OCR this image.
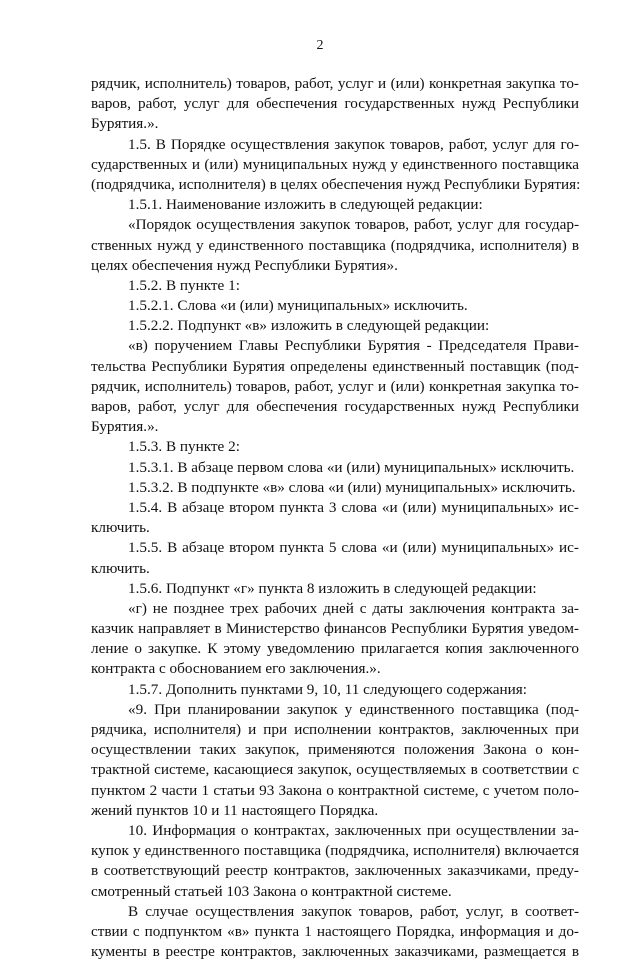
2
рядчик, исполнитель) товаров, работ, услуг и (или) конкретная закупка то-
варов, работ, услуг для обеспечения государственных нужд Республики
Бурятия.».
1.5. В Порядке осуществления закупок товаров, работ, услуг для го-
сударственных и (или) муниципальных нужд у единственного поставщика
(подрядчика, исполнителя) в целях обеспечения нужд Республики Бурятия:
1.5.1. Наименование изложить в следующей редакции:
«Порядок осуществления закупок товаров, работ, услуг для государ-
ственных нужд у единственного поставщика (подрядчика, исполнителя) в
целях обеспечения нужд Республики Бурятия».
1.5.2. В пункте 1:
1.5.2.1. Слова «и (или) муниципальных» исключить.
1.5.2.2. Подпункт «в» изложить в следующей редакции:
«в) поручением Главы Республики Бурятия - Председателя Прави-
тельства Республики Бурятия определены единственный поставщик (под-
рядчик, исполнитель) товаров, работ, услуг и (или) конкретная закупка то-
варов, работ, услуг для обеспечения государственных нужд Республики
Бурятия.».
1.5.3. В пункте 2:
1.5.3.1. В абзаце первом слова «и (или) муниципальных» исключить.
1.5.3.2. В подпункте «в» слова «и (или) муниципальных» исключить.
1.5.4. В абзаце втором пункта 3 слова «и (или) муниципальных» ис-
ключить.
1.5.5. В абзаце втором пункта 5 слова «и (или) муниципальных» ис-
ключить.
1.5.6. Подпункт «г» пункта 8 изложить в следующей редакции:
«г) не позднее трех рабочих дней с даты заключения контракта за-
казчик направляет в Министерство финансов Республики Бурятия уведом-
ление о закупке. К этому уведомлению прилагается копия заключенного
контракта с обоснованием его заключения.».
1.5.7. Дополнить пунктами 9, 10, 11 следующего содержания:
«9. При планировании закупок у единственного поставщика (под-
рядчика, исполнителя) и при исполнении контрактов, заключенных при
осуществлении таких закупок, применяются положения Закона о кон-
трактной системе, касающиеся закупок, осуществляемых в соответствии с
пунктом 2 части 1 статьи 93 Закона о контрактной системе, с учетом поло-
жений пунктов 10 и 11 настоящего Порядка.
10. Информация о контрактах, заключенных при осуществлении за-
купок у единственного поставщика (подрядчика, исполнителя) включается
в соответствующий реестр контрактов, заключенных заказчиками, преду-
смотренный статьей 103 Закона о контрактной системе.
В случае осуществления закупок товаров, работ, услуг, в соответ-
ствии с подпунктом «в» пункта 1 настоящего Порядка, информация и до-
кументы в реестре контрактов, заключенных заказчиками, размещается в
